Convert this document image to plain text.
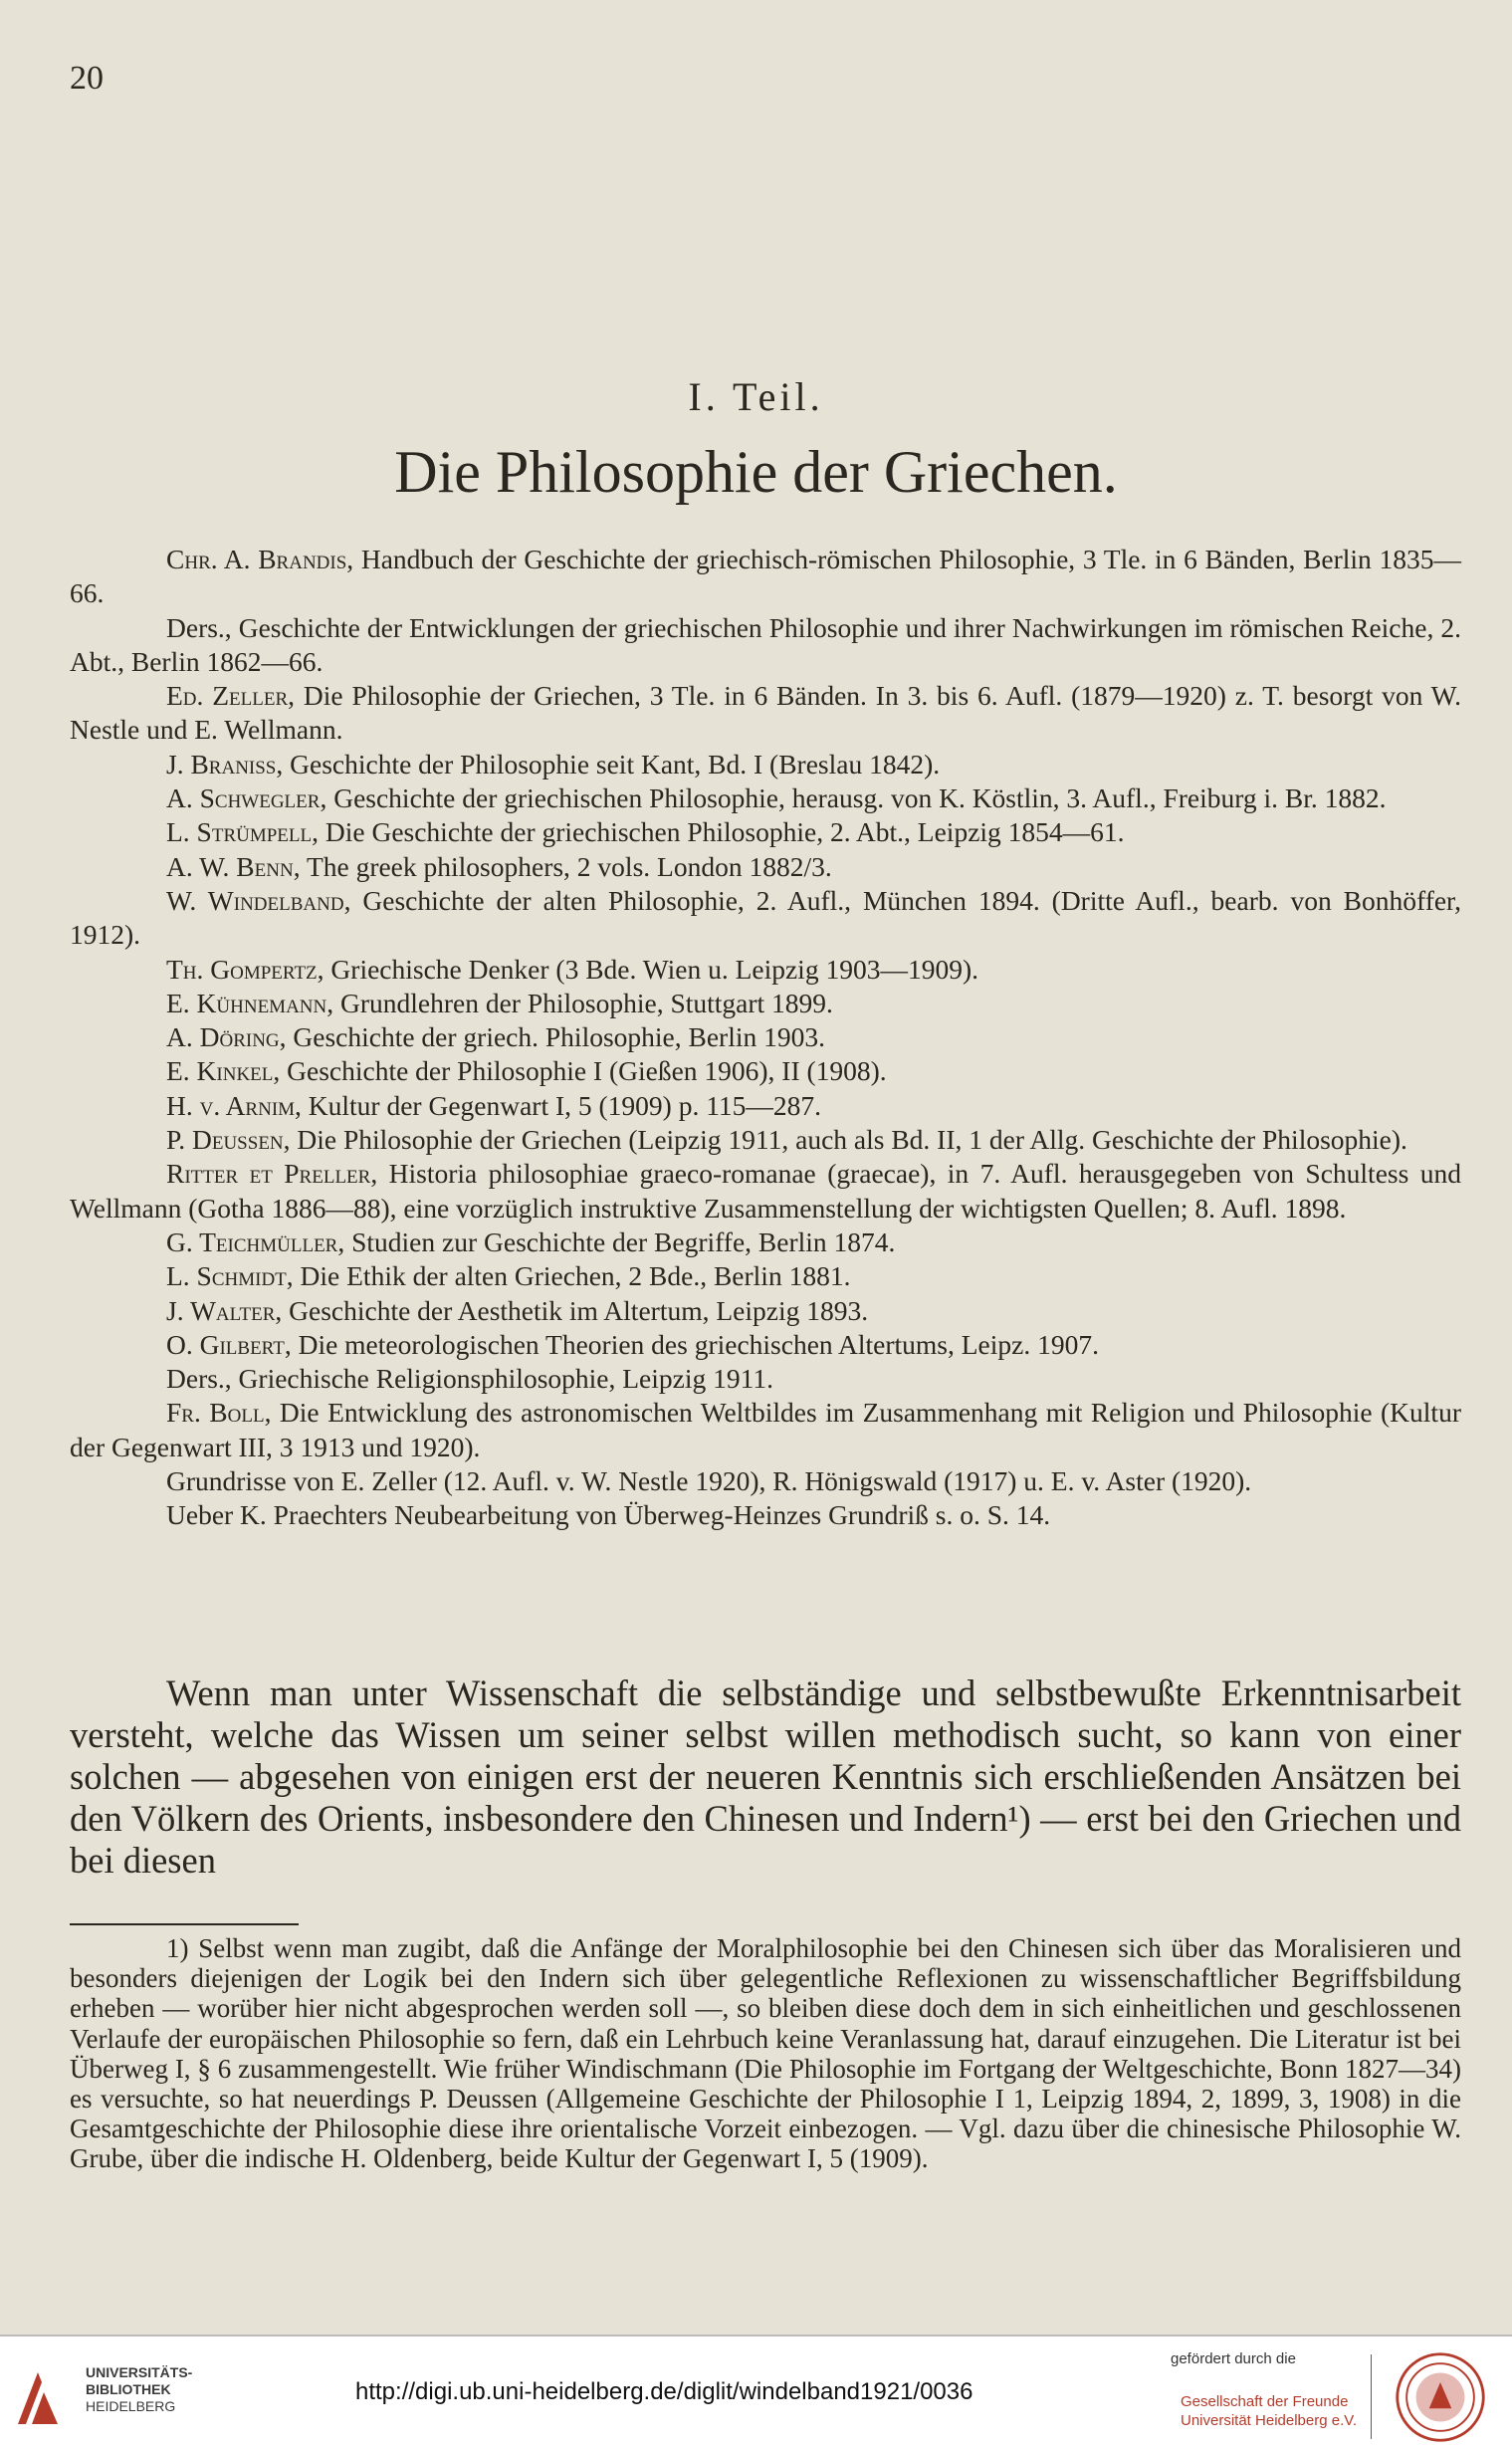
20
I. Teil.
Die Philosophie der Griechen.

Chr. A. Brandis, Handbuch der Geschichte der griechisch-römischen Philosophie, 3 Tle. in 6 Bänden, Berlin 1835—66.

Ders., Geschichte der Entwicklungen der griechischen Philosophie und ihrer Nachwirkungen im römischen Reiche, 2. Abt., Berlin 1862—66.

Ed. Zeller, Die Philosophie der Griechen, 3 Tle. in 6 Bänden. In 3. bis 6. Aufl. (1879—1920) z. T. besorgt von W. Nestle und E. Wellmann.

J. Braniss, Geschichte der Philosophie seit Kant, Bd. I (Breslau 1842).

A. Schwegler, Geschichte der griechischen Philosophie, herausg. von K. Köstlin, 3. Aufl., Freiburg i. Br. 1882.

L. Strümpell, Die Geschichte der griechischen Philosophie, 2. Abt., Leipzig 1854—61.

A. W. Benn, The greek philosophers, 2 vols. London 1882/3.

W. Windelband, Geschichte der alten Philosophie, 2. Aufl., München 1894. (Dritte Aufl., bearb. von Bonhöffer, 1912).

Th. Gompertz, Griechische Denker (3 Bde. Wien u. Leipzig 1903—1909).

E. Kühnemann, Grundlehren der Philosophie, Stuttgart 1899.

A. Döring, Geschichte der griech. Philosophie, Berlin 1903.

E. Kinkel, Geschichte der Philosophie I (Gießen 1906), II (1908).

H. v. Arnim, Kultur der Gegenwart I, 5 (1909) p. 115—287.

P. Deussen, Die Philosophie der Griechen (Leipzig 1911, auch als Bd. II, 1 der Allg. Geschichte der Philosophie).

Ritter et Preller, Historia philosophiae graeco-romanae (graecae), in 7. Aufl. herausgegeben von Schultess und Wellmann (Gotha 1886—88), eine vorzüglich instruktive Zusammenstellung der wichtigsten Quellen; 8. Aufl. 1898.

G. Teichmüller, Studien zur Geschichte der Begriffe, Berlin 1874.

L. Schmidt, Die Ethik der alten Griechen, 2 Bde., Berlin 1881.

J. Walter, Geschichte der Aesthetik im Altertum, Leipzig 1893.

O. Gilbert, Die meteorologischen Theorien des griechischen Altertums, Leipz. 1907.

Ders., Griechische Religionsphilosophie, Leipzig 1911.

Fr. Boll, Die Entwicklung des astronomischen Weltbildes im Zusammenhang mit Religion und Philosophie (Kultur der Gegenwart III, 3 1913 und 1920).

Grundrisse von E. Zeller (12. Aufl. v. W. Nestle 1920), R. Hönigswald (1917) u. E. v. Aster (1920).

Ueber K. Praechters Neubearbeitung von Überweg-Heinzes Grundriß s. o. S. 14.

Wenn man unter Wissenschaft die selbständige und selbstbewußte Erkenntnisarbeit versteht, welche das Wissen um seiner selbst willen methodisch sucht, so kann von einer solchen — abgesehen von einigen erst der neueren Kenntnis sich erschließenden Ansätzen bei den Völkern des Orients, insbesondere den Chinesen und Indern¹) — erst bei den Griechen und bei diesen

1) Selbst wenn man zugibt, daß die Anfänge der Moralphilosophie bei den Chinesen sich über das Moralisieren und besonders diejenigen der Logik bei den Indern sich über gelegentliche Reflexionen zu wissenschaftlicher Begriffsbildung erheben — worüber hier nicht abgesprochen werden soll —, so bleiben diese doch dem in sich einheitlichen und geschlossenen Verlaufe der europäischen Philosophie so fern, daß ein Lehrbuch keine Veranlassung hat, darauf einzugehen. Die Literatur ist bei Überweg I, § 6 zusammengestellt. Wie früher Windischmann (Die Philosophie im Fortgang der Weltgeschichte, Bonn 1827—34) es versuchte, so hat neuerdings P. Deussen (Allgemeine Geschichte der Philosophie I 1, Leipzig 1894, 2, 1899, 3, 1908) in die Gesamtgeschichte der Philosophie diese ihre orientalische Vorzeit einbezogen. — Vgl. dazu über die chinesische Philosophie W. Grube, über die indische H. Oldenberg, beide Kultur der Gegenwart I, 5 (1909).

UNIVERSITÄTS-
BIBLIOTHEK
HEIDELBERG
http://digi.ub.uni-heidelberg.de/diglit/windelband1921/0036
gefördert durch die
Gesellschaft der Freunde
Universität Heidelberg e.V.
